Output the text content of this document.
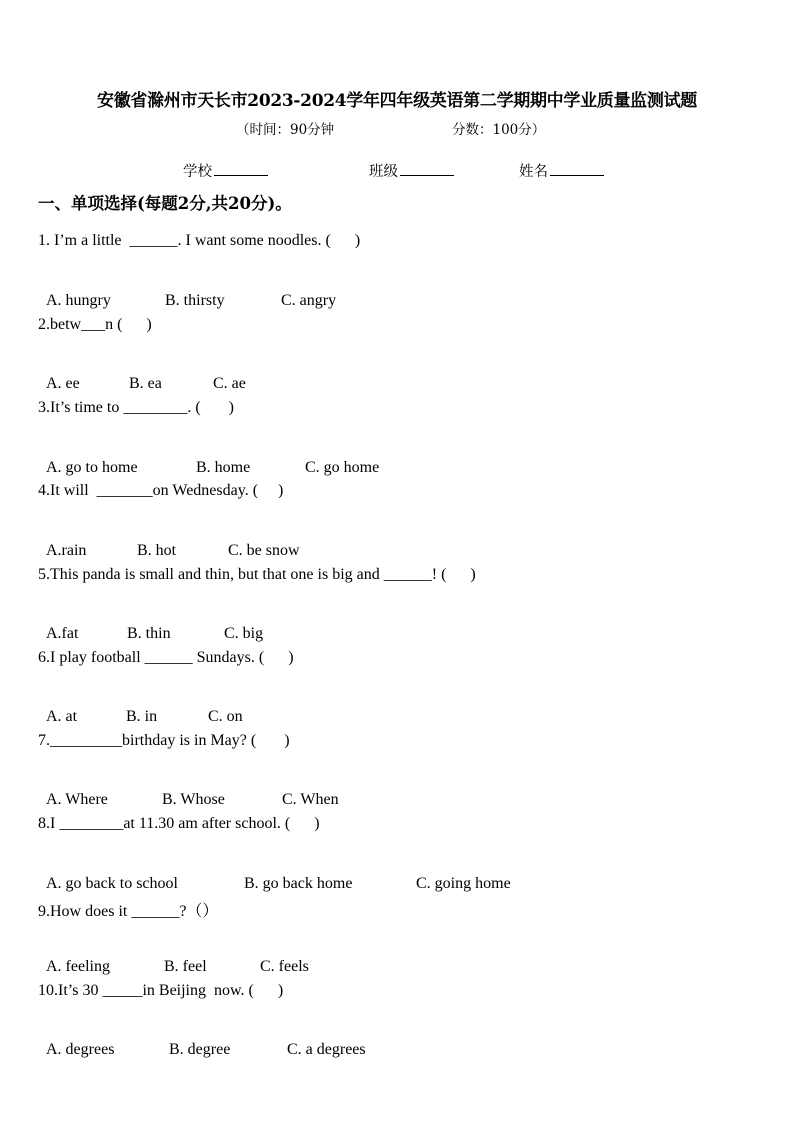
安徽省滁州市天长市2023-2024学年四年级英语第二学期期中学业质量监测试题
（时间：90分钟	分数：100分）
学校	班级	姓名
一、单项选择(每题2分,共20分)。
1. I’m a little  ______. I want some noodles. (      )

A. hungry	B. thirsty	C. angry

2.betw___n (      )

A. ee	B. ea	C. ae

3.It’s time to ________. (       )

A. go to home	B. home	C. go home

4.It will  _______on Wednesday. (     )

A.rain	B. hot	C. be snow

5.This panda is small and thin, but that one is big and ______! (      )

A.fat	B. thin	C. big

6.I play football ______ Sundays. (      )

A. at	B. in	C. on

7._________birthday is in May? (       )

A. Where	B. Whose	C. When

8.I ________at 11.30 am after school. (      )

A. go back to school	B. go back home	C. going home

9.How does it ______?（）

A. feeling	B. feel	C. feels

10.It’s 30 _____in Beijing  now. (      )

A. degrees	B. degree	C. a degrees
